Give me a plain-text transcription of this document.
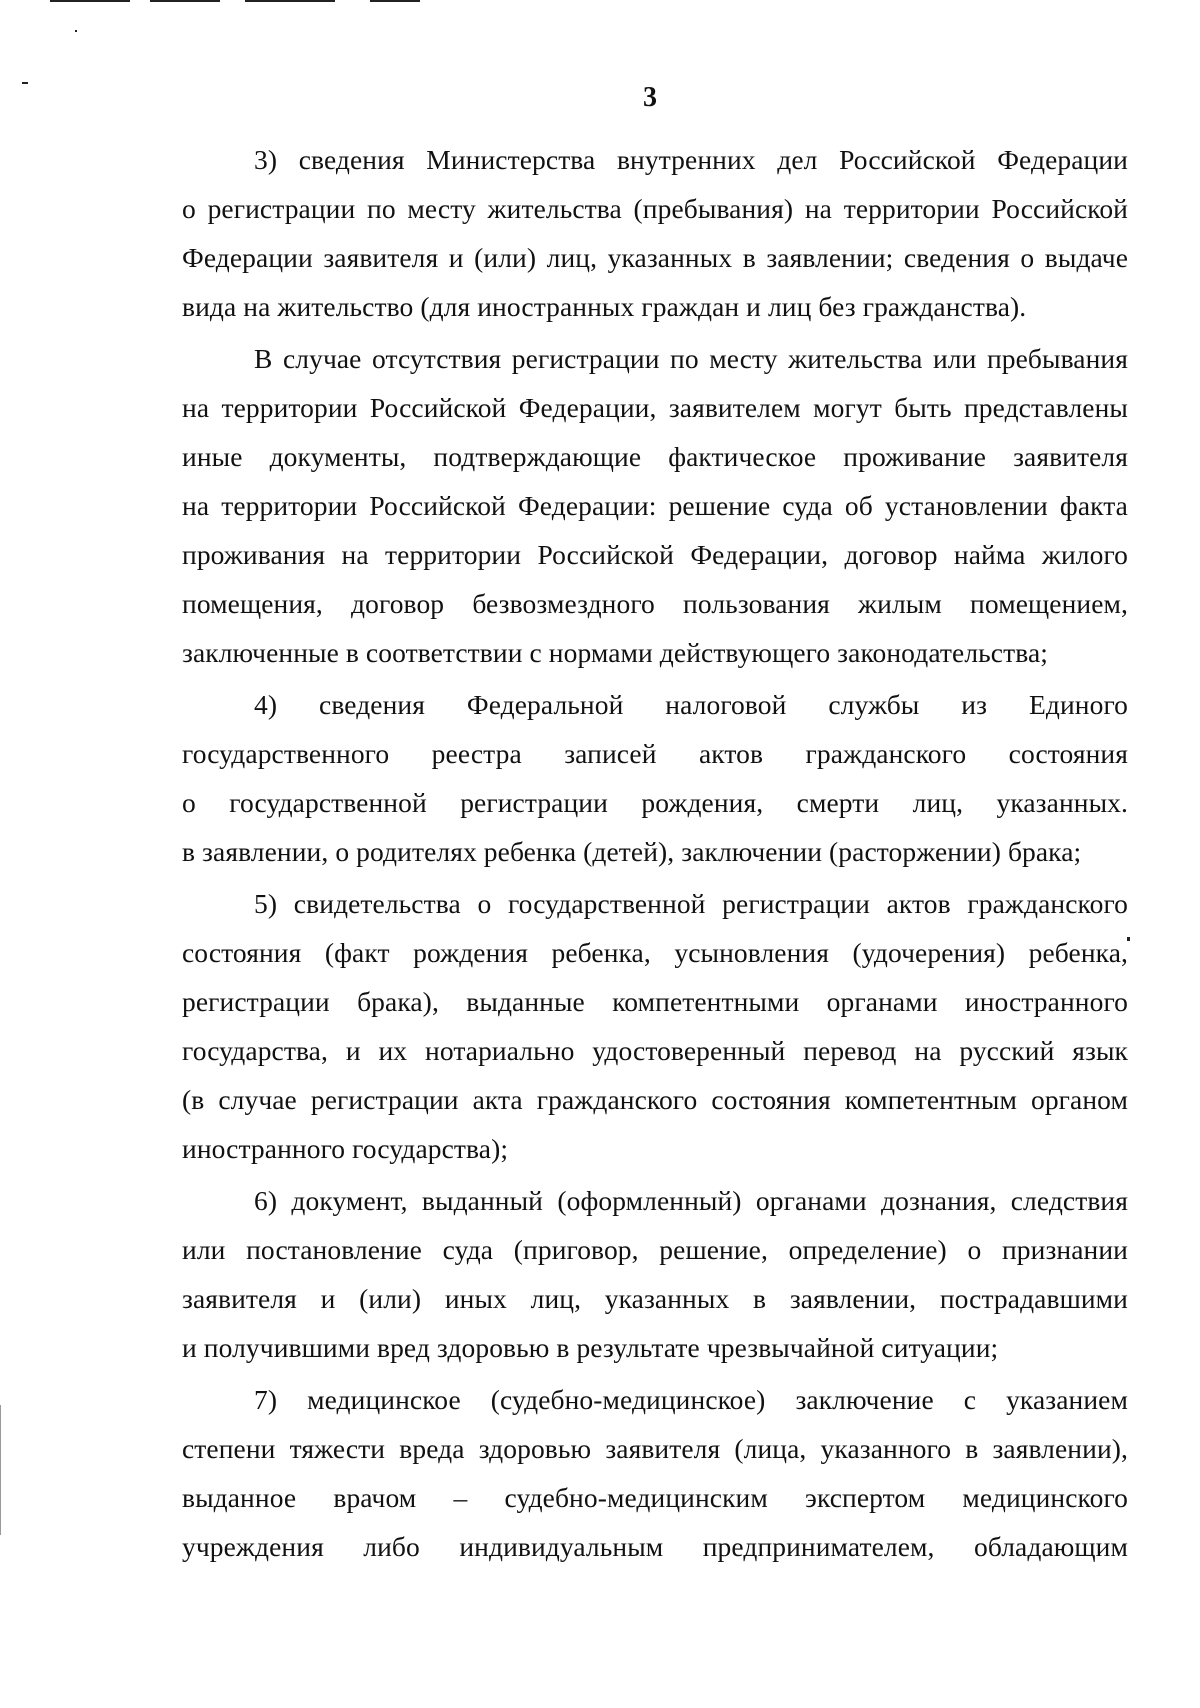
3
3) сведения Министерства внутренних дел Российской Федерации
о регистрации по месту жительства (пребывания) на территории Российской
Федерации заявителя и (или) лиц, указанных в заявлении; сведения о выдаче
вида на жительство (для иностранных граждан и лиц без гражданства).
В случае отсутствия регистрации по месту жительства или пребывания
на территории Российской Федерации, заявителем могут быть представлены
иные документы, подтверждающие фактическое проживание заявителя
на территории Российской Федерации: решение суда об установлении факта
проживания на территории Российской Федерации, договор найма жилого
помещения, договор безвозмездного пользования жилым помещением,
заключенные в соответствии с нормами действующего законодательства;
4) сведения Федеральной налоговой службы из Единого
государственного реестра записей актов гражданского состояния
о государственной регистрации рождения, смерти лиц, указанных.
в заявлении, о родителях ребенка (детей), заключении (расторжении) брака;
5) свидетельства о государственной регистрации актов гражданского
состояния (факт рождения ребенка, усыновления (удочерения) ребенка,
регистрации брака), выданные компетентными органами иностранного
государства, и их нотариально удостоверенный перевод на русский язык
(в случае регистрации акта гражданского состояния компетентным органом
иностранного государства);
6) документ, выданный (оформленный) органами дознания, следствия
или постановление суда (приговор, решение, определение) о признании
заявителя и (или) иных лиц, указанных в заявлении, пострадавшими
и получившими вред здоровью в результате чрезвычайной ситуации;
7) медицинское (судебно-медицинское) заключение с указанием
степени тяжести вреда здоровью заявителя (лица, указанного в заявлении),
выданное врачом – судебно-медицинским экспертом медицинского
учреждения либо индивидуальным предпринимателем, обладающим
